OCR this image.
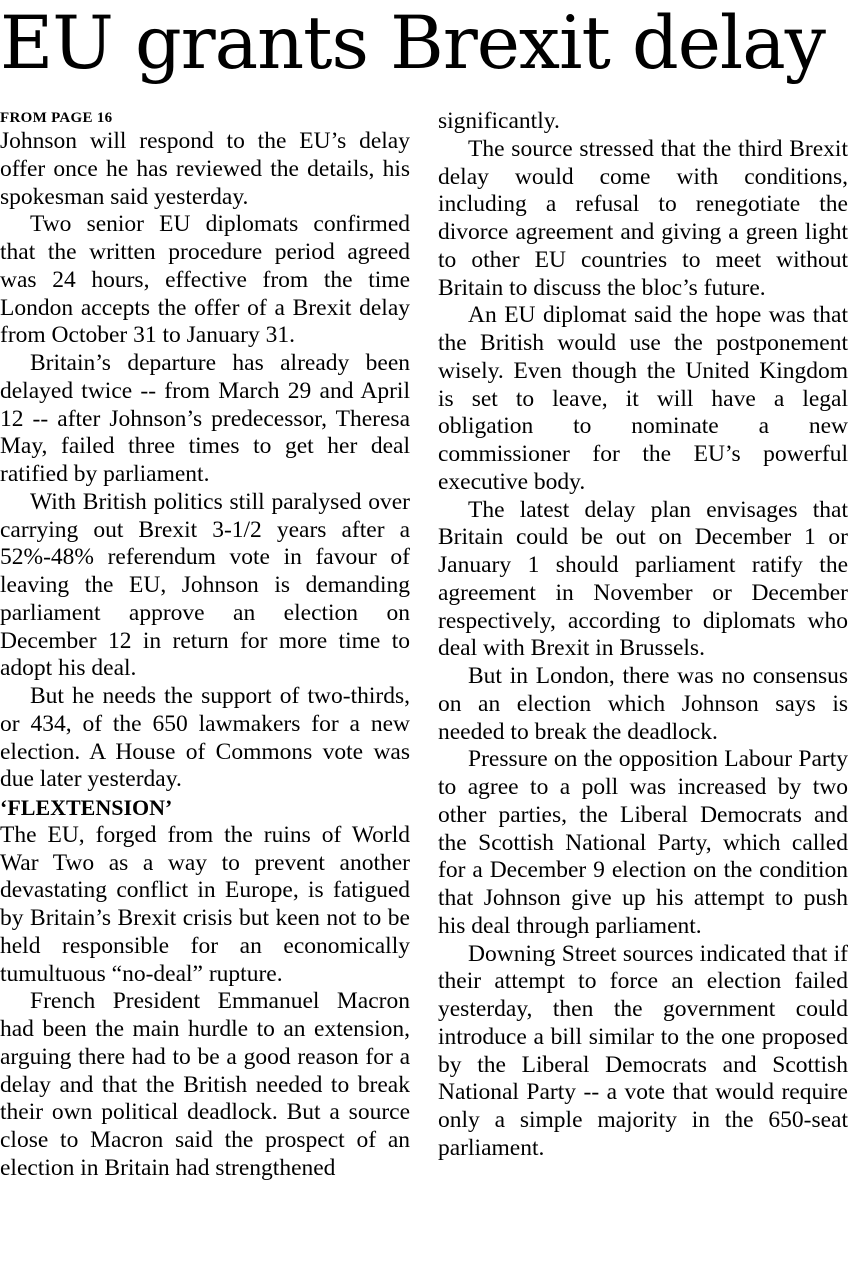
EU grants Brexit delay
FROM PAGE 16

Johnson will respond to the EU’s delay offer once he has reviewed the details, his spokesman said yesterday.

Two senior EU diplomats confirmed that the written procedure period agreed was 24 hours, effective from the time London accepts the offer of a Brexit delay from October 31 to January 31.

Britain’s departure has already been delayed twice -- from March 29 and April 12 -- after Johnson’s predecessor, Theresa May, failed three times to get her deal ratified by parliament.

With British politics still paralysed over carrying out Brexit 3-1/2 years after a 52%-48% referendum vote in favour of leaving the EU, Johnson is demanding parliament approve an election on December 12 in return for more time to adopt his deal.

But he needs the support of two-thirds, or 434, of the 650 lawmakers for a new election. A House of Commons vote was due later yesterday.

‘FLEXTENSION’

The EU, forged from the ruins of World War Two as a way to prevent another devastating conflict in Europe, is fatigued by Britain’s Brexit crisis but keen not to be held responsible for an economically tumultuous “no-deal” rupture.

French President Emmanuel Macron had been the main hurdle to an extension, arguing there had to be a good reason for a delay and that the British needed to break their own political deadlock. But a source close to Macron said the prospect of an election in Britain had strengthened

significantly.

The source stressed that the third Brexit delay would come with conditions, including a refusal to renegotiate the divorce agreement and giving a green light to other EU countries to meet without Britain to discuss the bloc’s future.

An EU diplomat said the hope was that the British would use the postponement wisely. Even though the United Kingdom is set to leave, it will have a legal obligation to nominate a new commissioner for the EU’s powerful executive body.

The latest delay plan envisages that Britain could be out on December 1 or January 1 should parliament ratify the agreement in November or December respectively, according to diplomats who deal with Brexit in Brussels.

But in London, there was no consensus on an election which Johnson says is needed to break the deadlock.

Pressure on the opposition Labour Party to agree to a poll was increased by two other parties, the Liberal Democrats and the Scottish National Party, which called for a December 9 election on the condition that Johnson give up his attempt to push his deal through parliament.

Downing Street sources indicated that if their attempt to force an election failed yesterday, then the government could introduce a bill similar to the one proposed by the Liberal Democrats and Scottish National Party -- a vote that would require only a simple majority in the 650-seat parliament.
